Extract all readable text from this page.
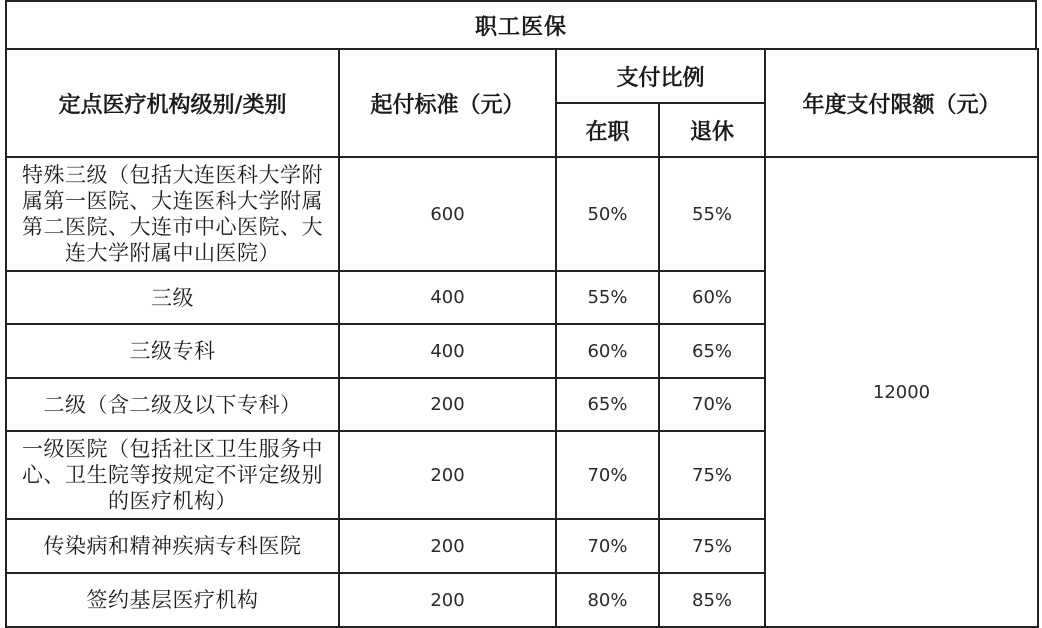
职工医保
定点医疗机构级别/类别	起付标准（元）	支付比例		年度支付限额（元）
		在职	退休	
特殊三级（包括大连医科大学附属第一医院、大连医科大学附属第二医院、大连市中心医院、大连大学附属中山医院）	600	50%	55%	12000
三级	400	55%	60%	
三级专科	400	60%	65%	
二级（含二级及以下专科）	200	65%	70%	
一级医院（包括社区卫生服务中心、卫生院等按规定不评定级别的医疗机构）	200	70%	75%	
传染病和精神疾病专科医院	200	70%	75%	
签约基层医疗机构	200	80%	85%	
